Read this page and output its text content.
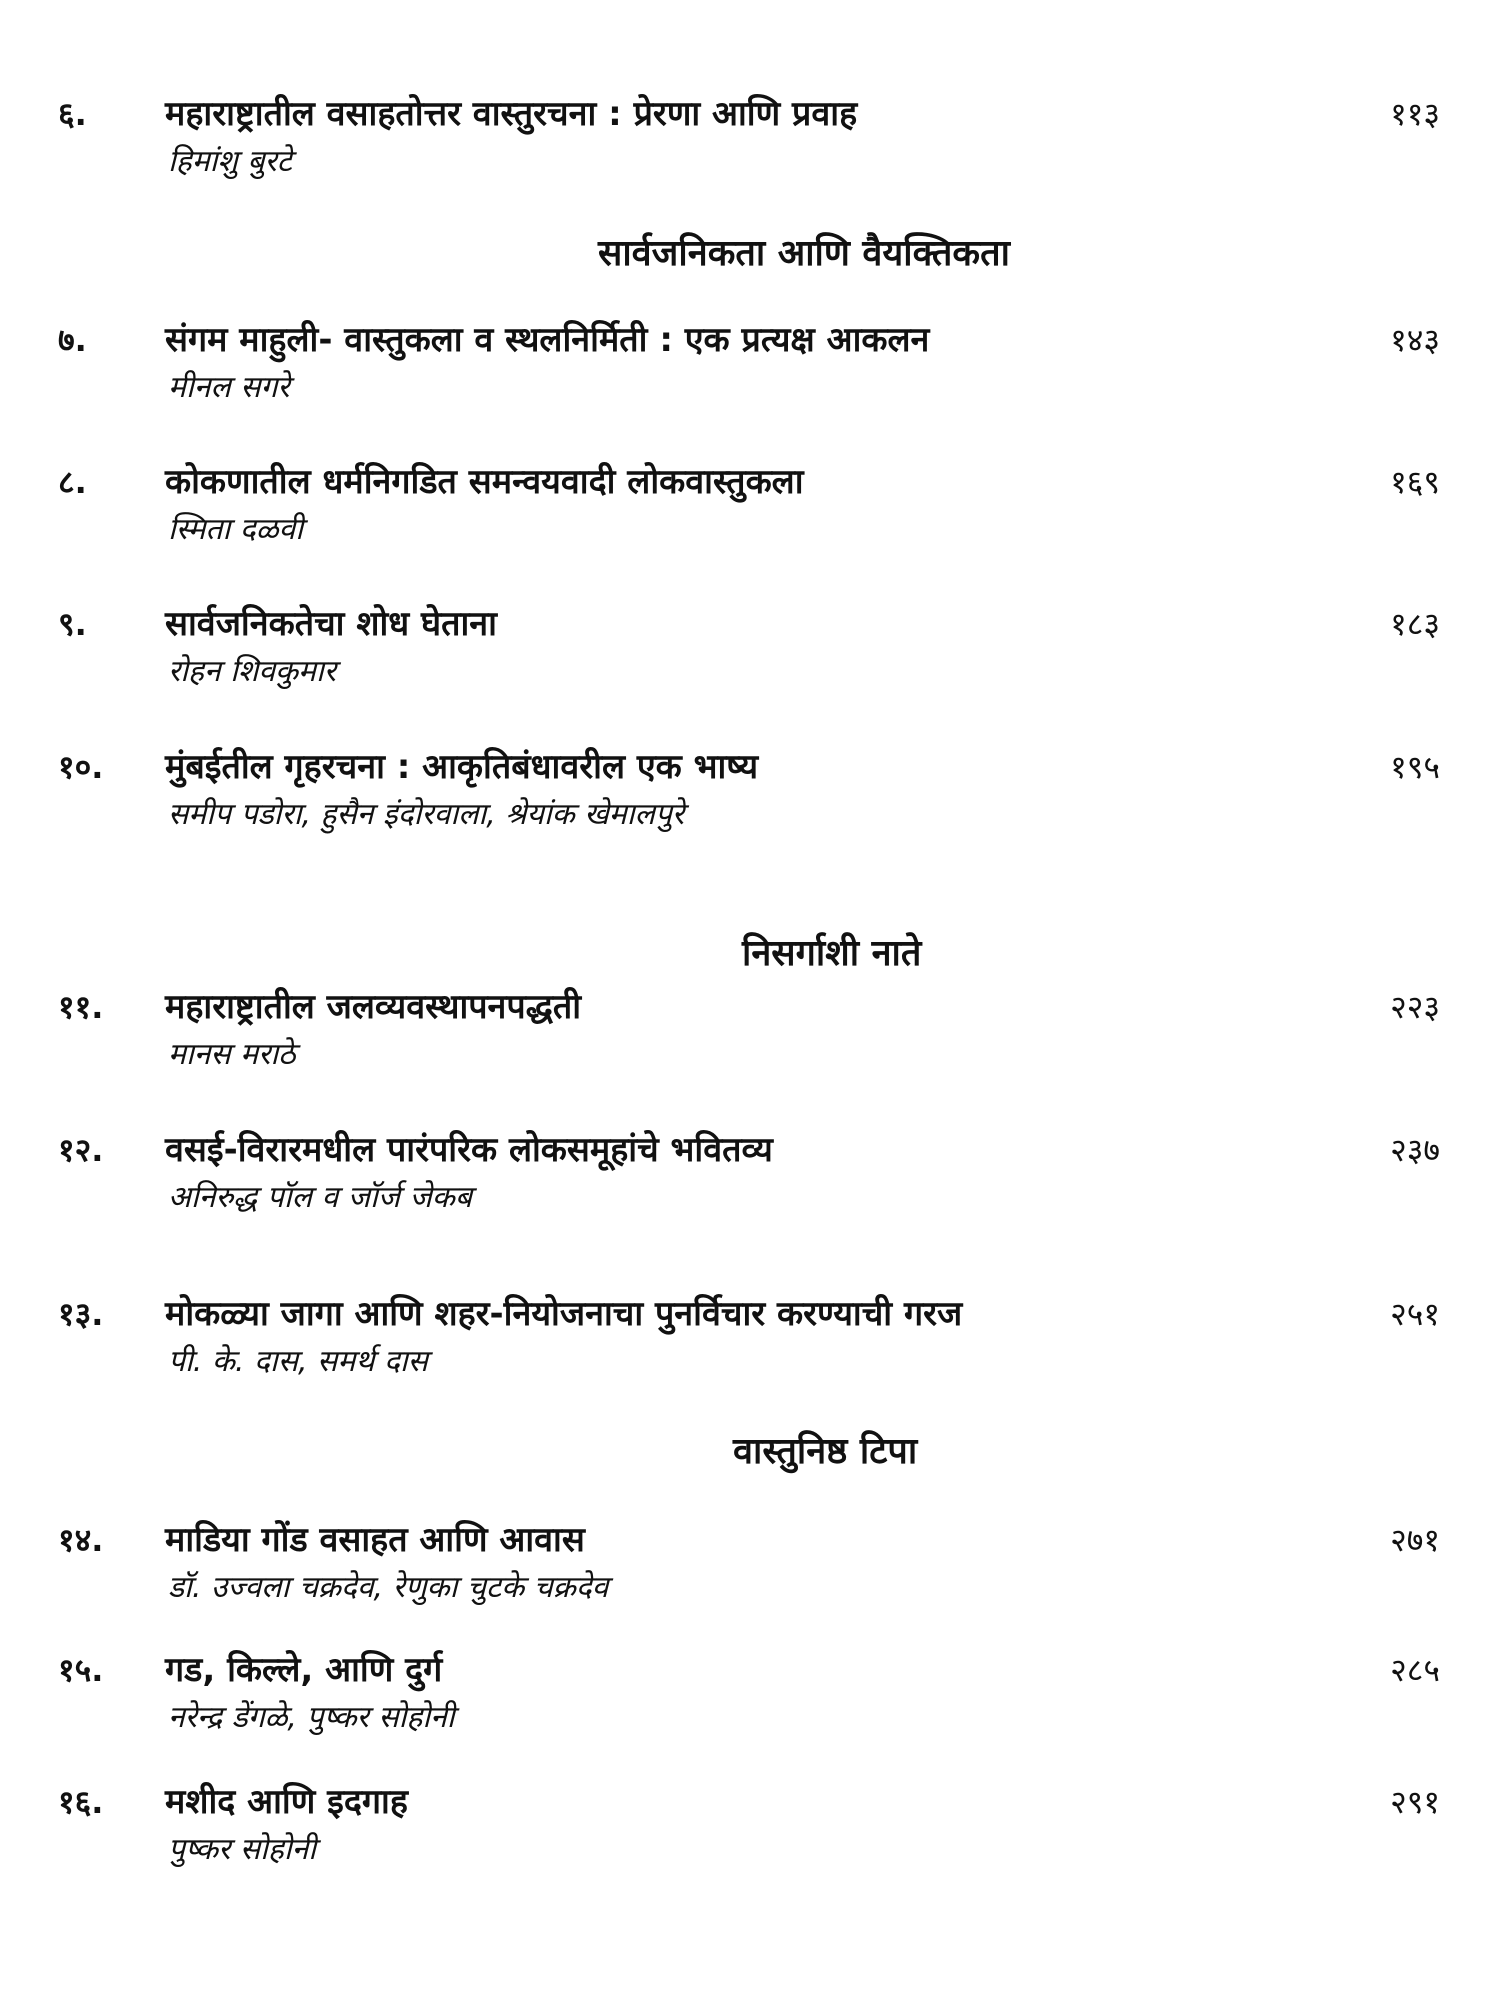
६. महाराष्ट्रातील वसाहतोत्तर वास्तुरचना : प्रेरणा आणि प्रवाह	११३
हिमांशु बुरटे
सार्वजनिकता आणि वैयक्तिकता
७. संगम माहुली- वास्तुकला व स्थलनिर्मिती : एक प्रत्यक्ष आकलन	१४३
मीनल सगरे
८. कोकणातील धर्मनिगडित समन्वयवादी लोकवास्तुकला	१६९
स्मिता दळवी
९. सार्वजनिकतेचा शोध घेताना	१८३
रोहन शिवकुमार
१०. मुंबईतील गृहरचना : आकृतिबंधावरील एक भाष्य	१९५
समीप पडोरा, हुसैन इंदोरवाला, श्रेयांक खेमालपुरे
निसर्गाशी नाते
११. महाराष्ट्रातील जलव्यवस्थापनपद्धती	२२३
मानस मराठे
१२. वसई-विरारमधील पारंपरिक लोकसमूहांचे भवितव्य	२३७
अनिरुद्ध पॉल व जॉर्ज जेकब
१३. मोकळ्या जागा आणि शहर-नियोजनाचा पुनर्विचार करण्याची गरज	२५१
पी. के. दास, समर्थ दास
वास्तुनिष्ठ टिपा
१४. माडिया गोंड वसाहत आणि आवास	२७१
डॉ. उज्वला चक्रदेव, रेणुका चुटके चक्रदेव
१५. गड, किल्ले, आणि दुर्ग	२८५
नरेन्द्र डेंगळे, पुष्कर सोहोनी
१६. मशीद आणि इदगाह	२९१
पुष्कर सोहोनी
